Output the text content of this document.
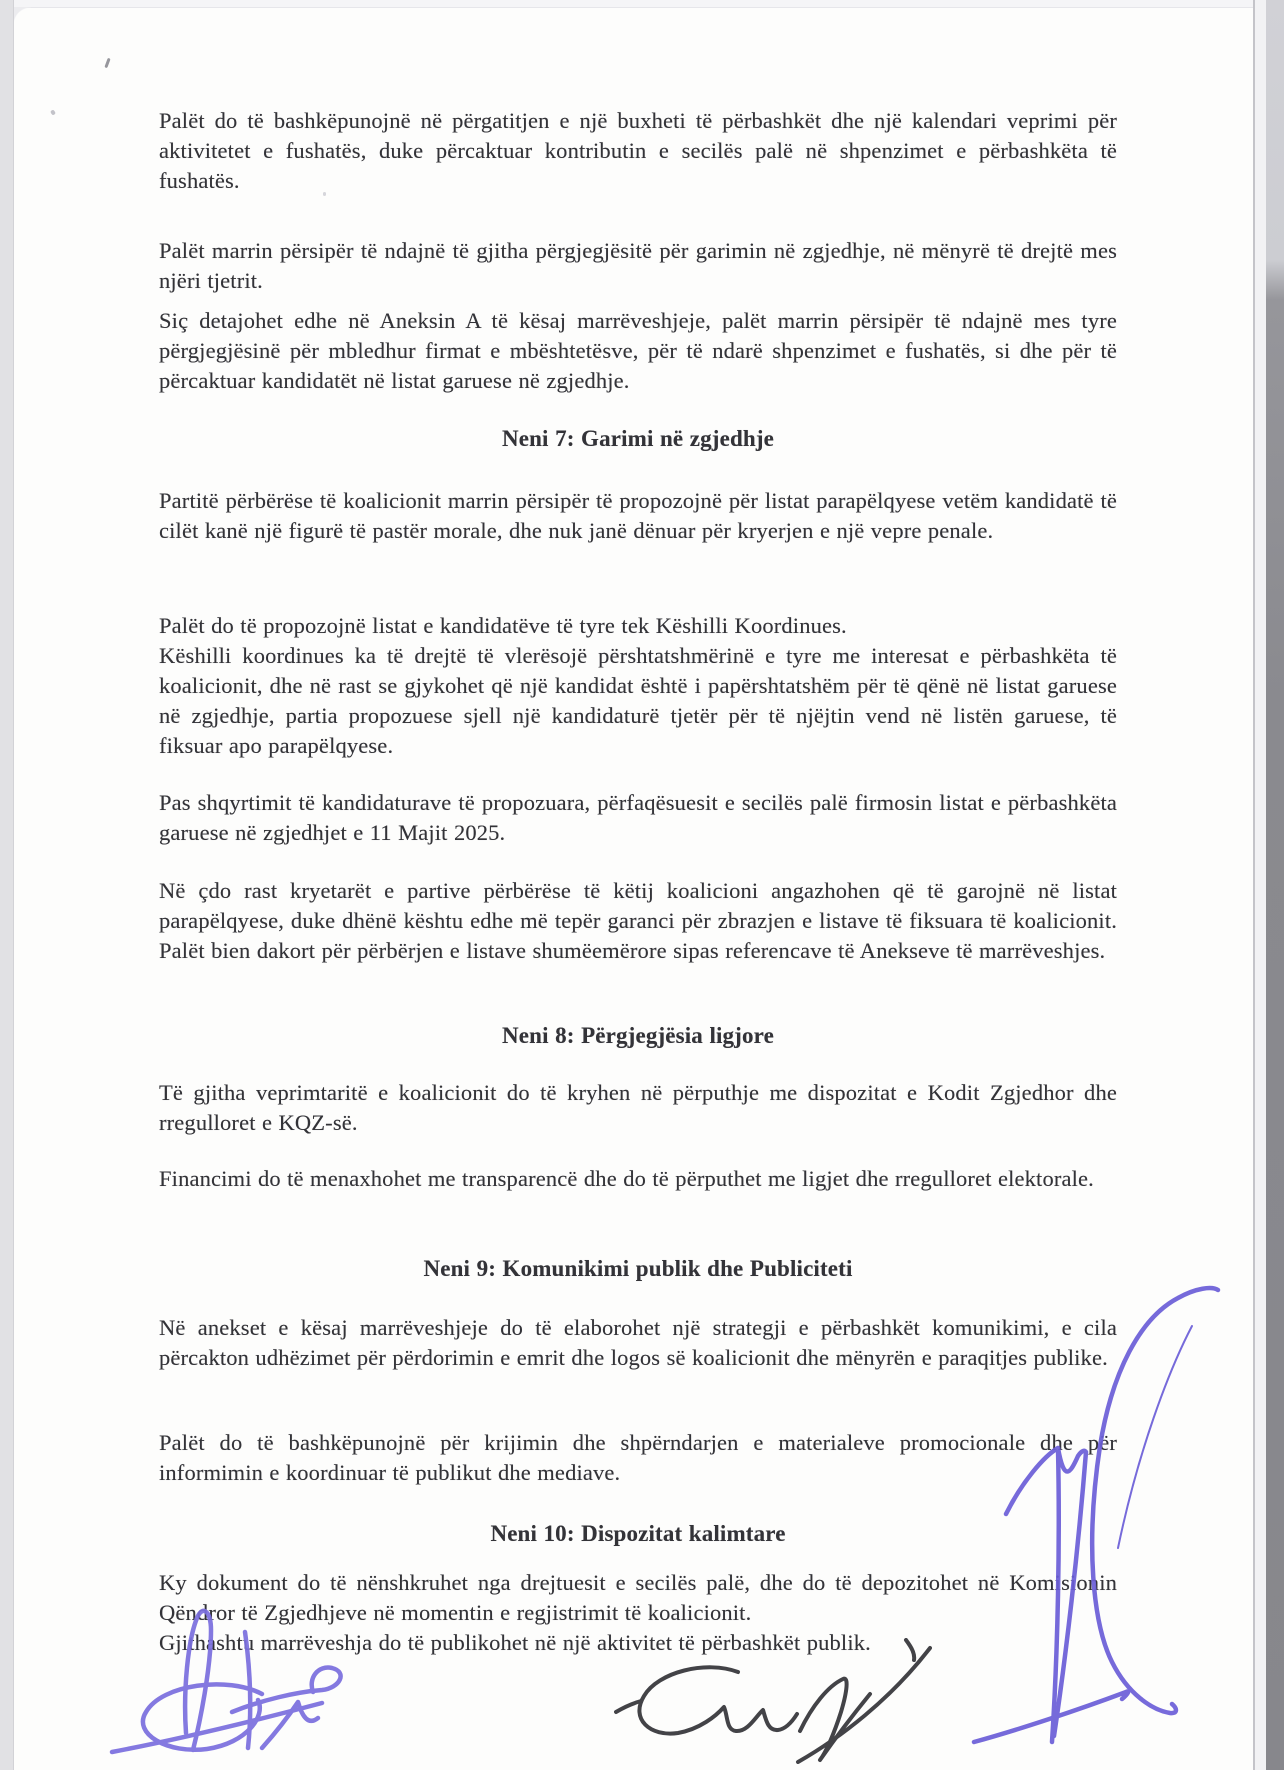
Palët do të bashkëpunojnë në përgatitjen e një buxheti të përbashkët dhe një kalendari veprimi për aktivitetet e fushatës, duke përcaktuar kontributin e secilës palë në shpenzimet e përbashkëta të fushatës.
Palët marrin përsipër të ndajnë të gjitha përgjegjësitë për garimin në zgjedhje, në mënyrë të drejtë mes njëri tjetrit.
Siç detajohet edhe në Aneksin A të kësaj marrëveshjeje, palët marrin përsipër të ndajnë mes tyre përgjegjësinë për mbledhur firmat e mbështetësve, për të ndarë shpenzimet e fushatës, si dhe për të përcaktuar kandidatët në listat garuese në zgjedhje.
Neni 7: Garimi në zgjedhje
Partitë përbërëse të koalicionit marrin përsipër të propozojnë për listat parapëlqyese vetëm kandidatë të cilët kanë një figurë të pastër morale, dhe nuk janë dënuar për kryerjen e një vepre penale.
Palët do të propozojnë listat e kandidatëve të tyre tek Këshilli Koordinues.
Këshilli koordinues ka të drejtë të vlerësojë përshtatshmërinë e tyre me interesat e përbashkëta të koalicionit, dhe në rast se gjykohet që një kandidat është i papërshtatshëm për të qënë në listat garuese në zgjedhje, partia propozuese sjell një kandidaturë tjetër për të njëjtin vend në listën garuese, të fiksuar apo parapëlqyese.
Pas shqyrtimit të kandidaturave të propozuara, përfaqësuesit e secilës palë firmosin listat e përbashkëta garuese në zgjedhjet e 11 Majit 2025.
Në çdo rast kryetarët e partive përbërëse të këtij koalicioni angazhohen që të garojnë në listat parapëlqyese, duke dhënë kështu edhe më tepër garanci për zbrazjen e listave të fiksuara të koalicionit. Palët bien dakort për përbërjen e listave shumëemërore sipas referencave të Anekseve të marrëveshjes.
Neni 8: Përgjegjësia ligjore
Të gjitha veprimtaritë e koalicionit do të kryhen në përputhje me dispozitat e Kodit Zgjedhor dhe rregulloret e KQZ-së.
Financimi do të menaxhohet me transparencë dhe do të përputhet me ligjet dhe rregulloret elektorale.
Neni 9: Komunikimi publik dhe Publiciteti
Në anekset e kësaj marrëveshjeje do të elaborohet një strategji e përbashkët komunikimi, e cila përcakton udhëzimet për përdorimin e emrit dhe logos së koalicionit dhe mënyrën e paraqitjes publike.
Palët do të bashkëpunojnë për krijimin dhe shpërndarjen e materialeve promocionale dhe për informimin e koordinuar të publikut dhe mediave.
Neni 10: Dispozitat kalimtare
Ky dokument do të nënshkruhet nga drejtuesit e secilës palë, dhe do të depozitohet në Komisionin Qëndror të Zgjedhjeve në momentin e regjistrimit të koalicionit.
Gjithashtu marrëveshja do të publikohet në një aktivitet të përbashkët publik.
